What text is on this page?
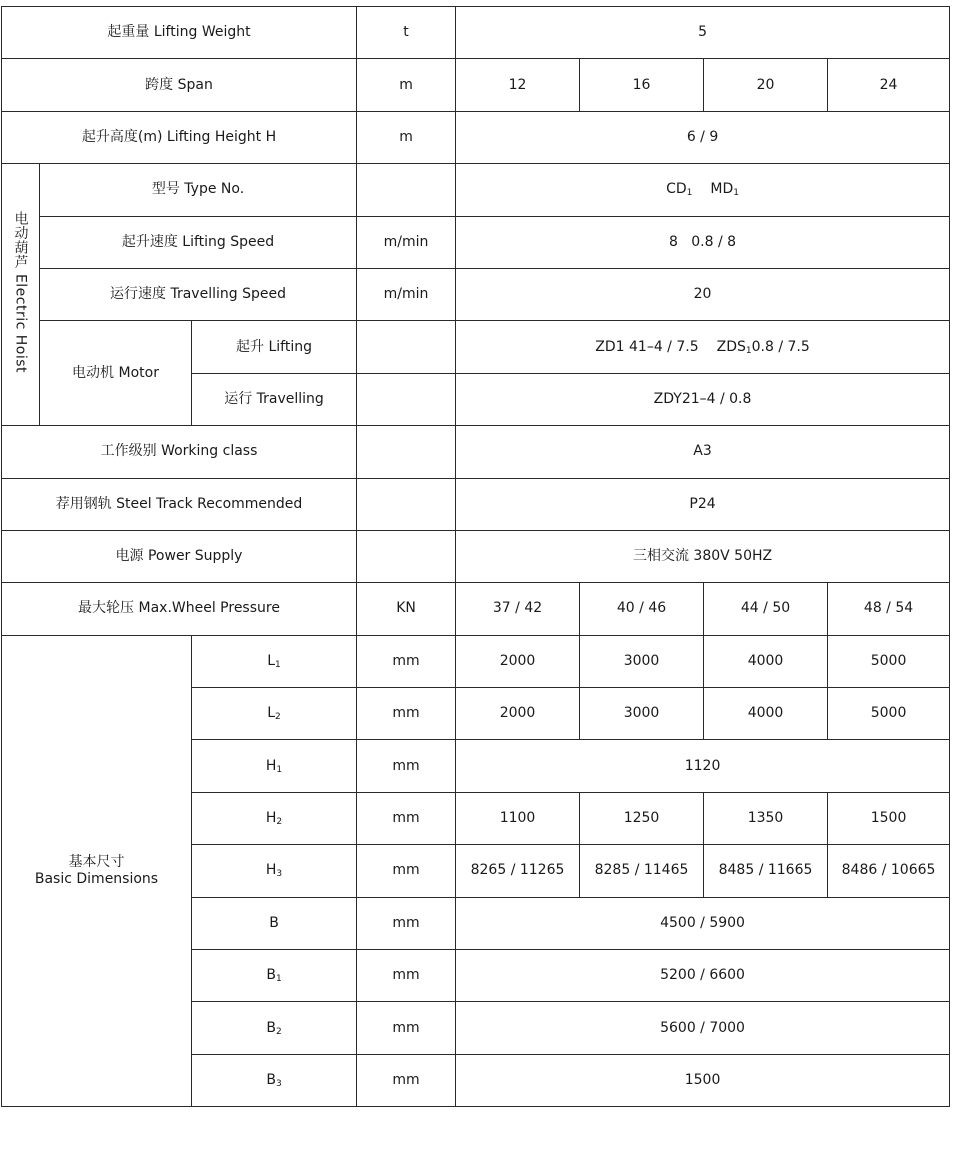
起重量 Lifting Weight			t	5			
跨度 Span			m	12	16	20	24
起升高度(m) Lifting Height H			m	6 / 9			
电动葫芦 Electric Hoist	型号 Type No.			$CD_1$ $MD_1$
	起升速度 Lifting Speed		m/min	8   0.8 / 8			
	运行速度 Travelling Speed		m/min	20			
	电动机 Motor	起升 Lifting		ZD1 41–4 / 7.5 $ZDS_10.8 / 7.5$			
		运行 Travelling		ZDY21–4 / 0.8			
工作级别 Working class				A3			
荐用钢轨 Steel Track Recommended				P24			
电源 Power Supply				三相交流 380V 50HZ			
最大轮压 Max.Wheel Pressure			KN	37 / 42	40 / 46	44 / 50	48 / 54

基本尺寸
Basic Dimensions		$L_1$	mm	2000	3000	4000	5000
		$L_2$	mm	2000	3000	4000	5000
		$H_1$	mm	1120			
		$H_2$	mm	1100	1250	1350	1500
		$H_3$	mm	8265 / 11265	8285 / 11465	8485 / 11665	8486 / 10665
		B	mm	4500 / 5900			
		$B_1$	mm	5200 / 6600			
		$B_2$	mm	5600 / 7000			
		$B_3$	mm	1500			
